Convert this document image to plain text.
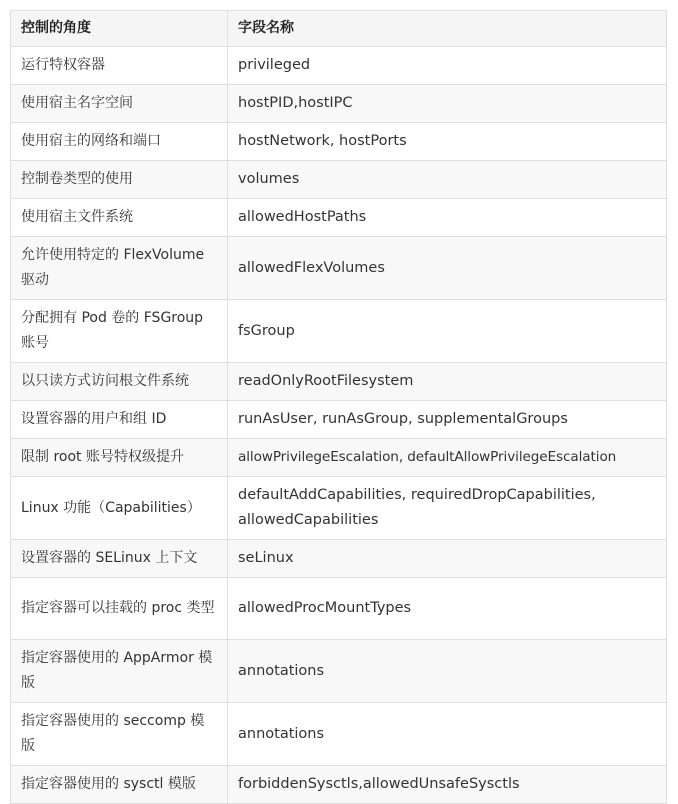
控制的角度	字段名称
运行特权容器	privileged
使用宿主名字空间	hostPID,hostIPC
使用宿主的网络和端口	hostNetwork, hostPorts
控制卷类型的使用	volumes
使用宿主文件系统	allowedHostPaths
允许使用特定的 FlexVolume 驱动	allowedFlexVolumes
分配拥有 Pod 卷的 FSGroup 账号	fsGroup
以只读方式访问根文件系统	readOnlyRootFilesystem
设置容器的用户和组 ID	runAsUser, runAsGroup, supplementalGroups
限制 root 账号特权级提升	allowPrivilegeEscalation, defaultAllowPrivilegeEscalation
Linux 功能（Capabilities）	defaultAddCapabilities, requiredDropCapabilities, allowedCapabilities
设置容器的 SELinux 上下文	seLinux
指定容器可以挂载的 proc 类型	allowedProcMountTypes
指定容器使用的 AppArmor 模版	annotations
指定容器使用的 seccomp 模版	annotations
指定容器使用的 sysctl 模版	forbiddenSysctls,allowedUnsafeSysctls
